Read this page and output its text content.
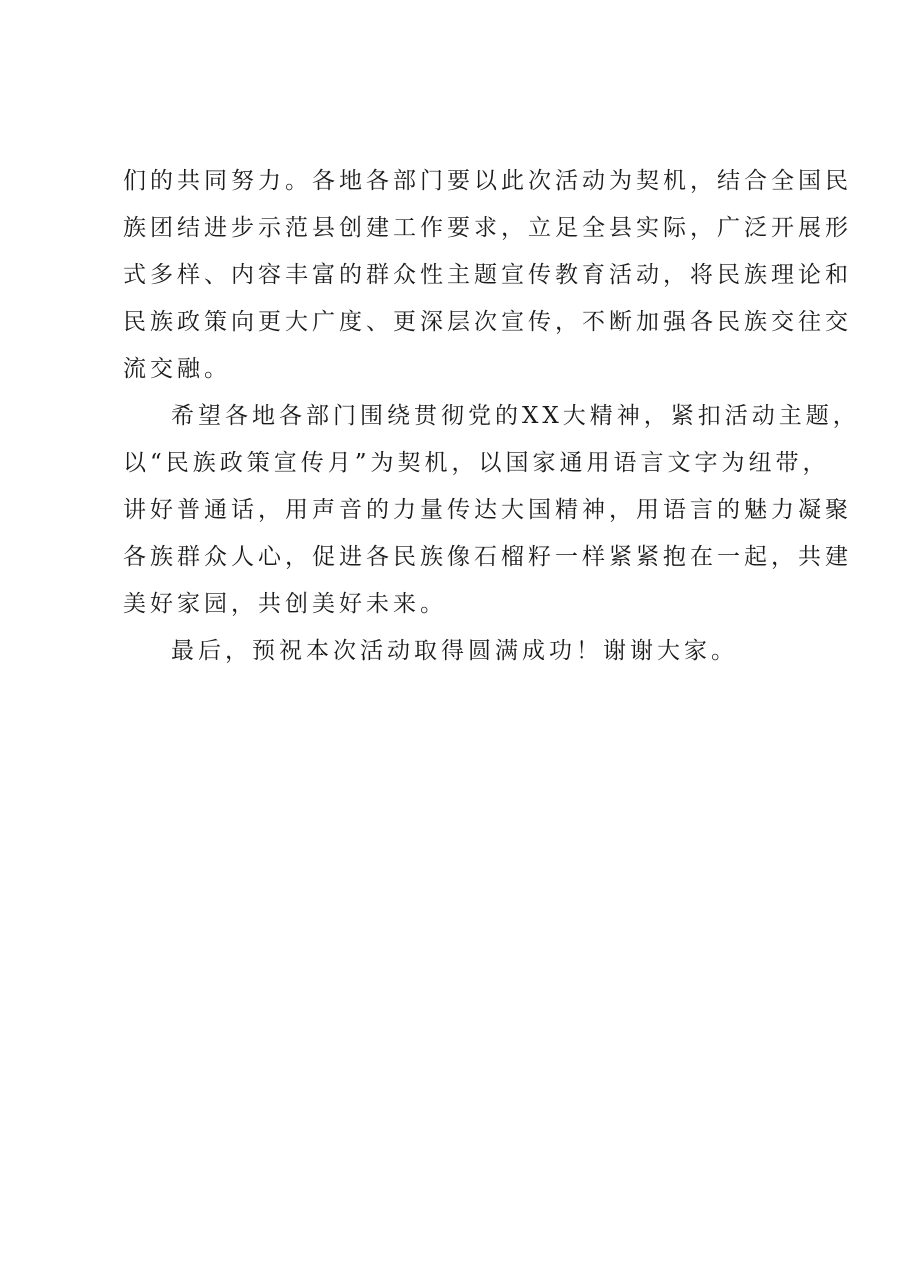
们的共同努力。各地各部门要以此次活动为契机，结合全国民
族团结进步示范县创建工作要求，立足全县实际，广泛开展形
式多样、内容丰富的群众性主题宣传教育活动，将民族理论和
民族政策向更大广度、更深层次宣传，不断加强各民族交往交
流交融。
希望各地各部门围绕贯彻党的XX大精神，紧扣活动主题，
以“民族政策宣传月”为契机，以国家通用语言文字为纽带，
讲好普通话，用声音的力量传达大国精神，用语言的魅力凝聚
各族群众人心，促进各民族像石榴籽一样紧紧抱在一起，共建
美好家园，共创美好未来。
最后，预祝本次活动取得圆满成功！谢谢大家。
